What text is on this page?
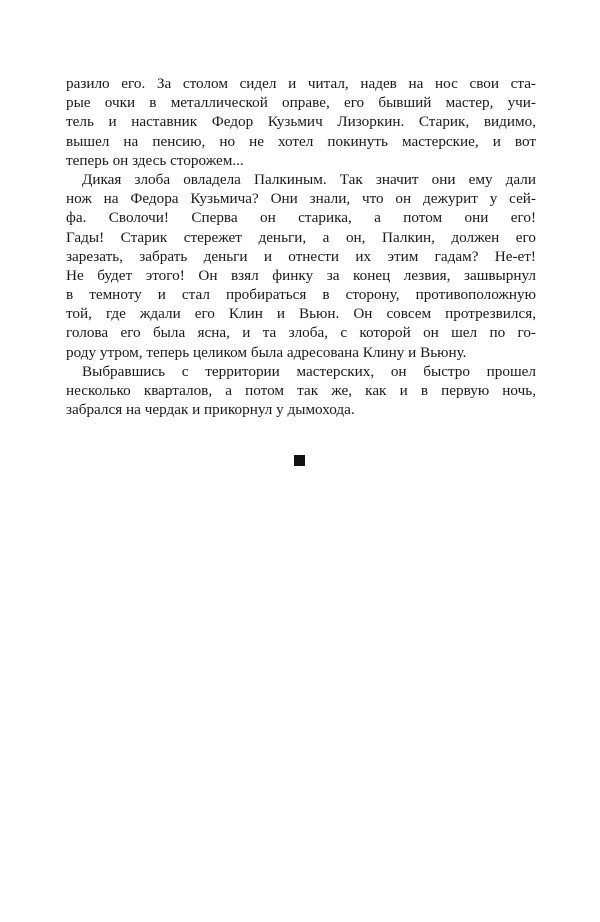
разило его. За столом сидел и читал, надев на нос свои ста-
рые очки в металлической оправе, его бывший мастер, учи-
тель и наставник Федор Кузьмич Лизоркин. Старик, видимо,
вышел на пенсию, но не хотел покинуть мастерские, и вот
теперь он здесь сторожем...
Дикая злоба овладела Палкиным. Так значит они ему дали
нож на Федора Кузьмича? Они знали, что он дежурит у сей-
фа. Сволочи! Сперва он старика, а потом они его!
Гады! Старик стережет деньги, а он, Палкин, должен его
зарезать, забрать деньги и отнести их этим гадам? Не-ет!
Не будет этого! Он взял финку за конец лезвия, зашвырнул
в темноту и стал пробираться в сторону, противоположную
той, где ждали его Клин и Вьюн. Он совсем протрезвился,
голова его была ясна, и та злоба, с которой он шел по го-
роду утром, теперь целиком была адресована Клину и Вьюну.
Выбравшись с территории мастерских, он быстро прошел
несколько кварталов, а потом так же, как и в первую ночь,
забрался на чердак и прикорнул у дымохода.
